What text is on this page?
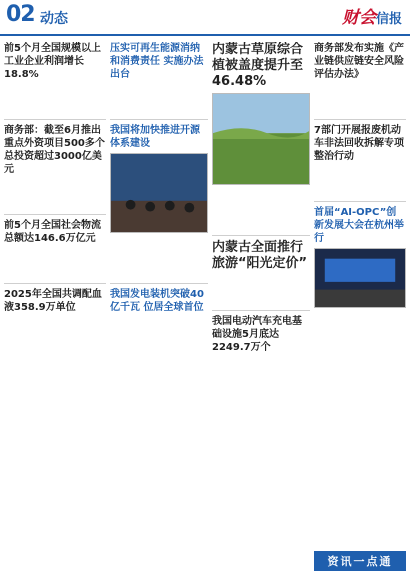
02 动态	财会信报
前5个月全国规模以上工业企业利润增长18.8%
商务部：截至6月推出重点外资项目500多个总投资超过3000亿美元
前5个月全国社会物流总额达146.6万亿元
2025年全国共调配血液358.9万单位
压实可再生能源消纳和消费责任 实施办法出台
我国将加快推进开源体系建设
我国发电装机突破40亿千瓦 位居全球首位
内蒙古草原综合植被盖度提升至46.48%
内蒙古全面推行旅游“阳光定价”
我国电动汽车充电基础设施5月底达2249.7万个
商务部发布实施《产业链供应链安全风险评估办法》
7部门开展报废机动车非法回收拆解专项整治行动
首届“AI-OPC”创新发展大会在杭州举行
资讯一点通
